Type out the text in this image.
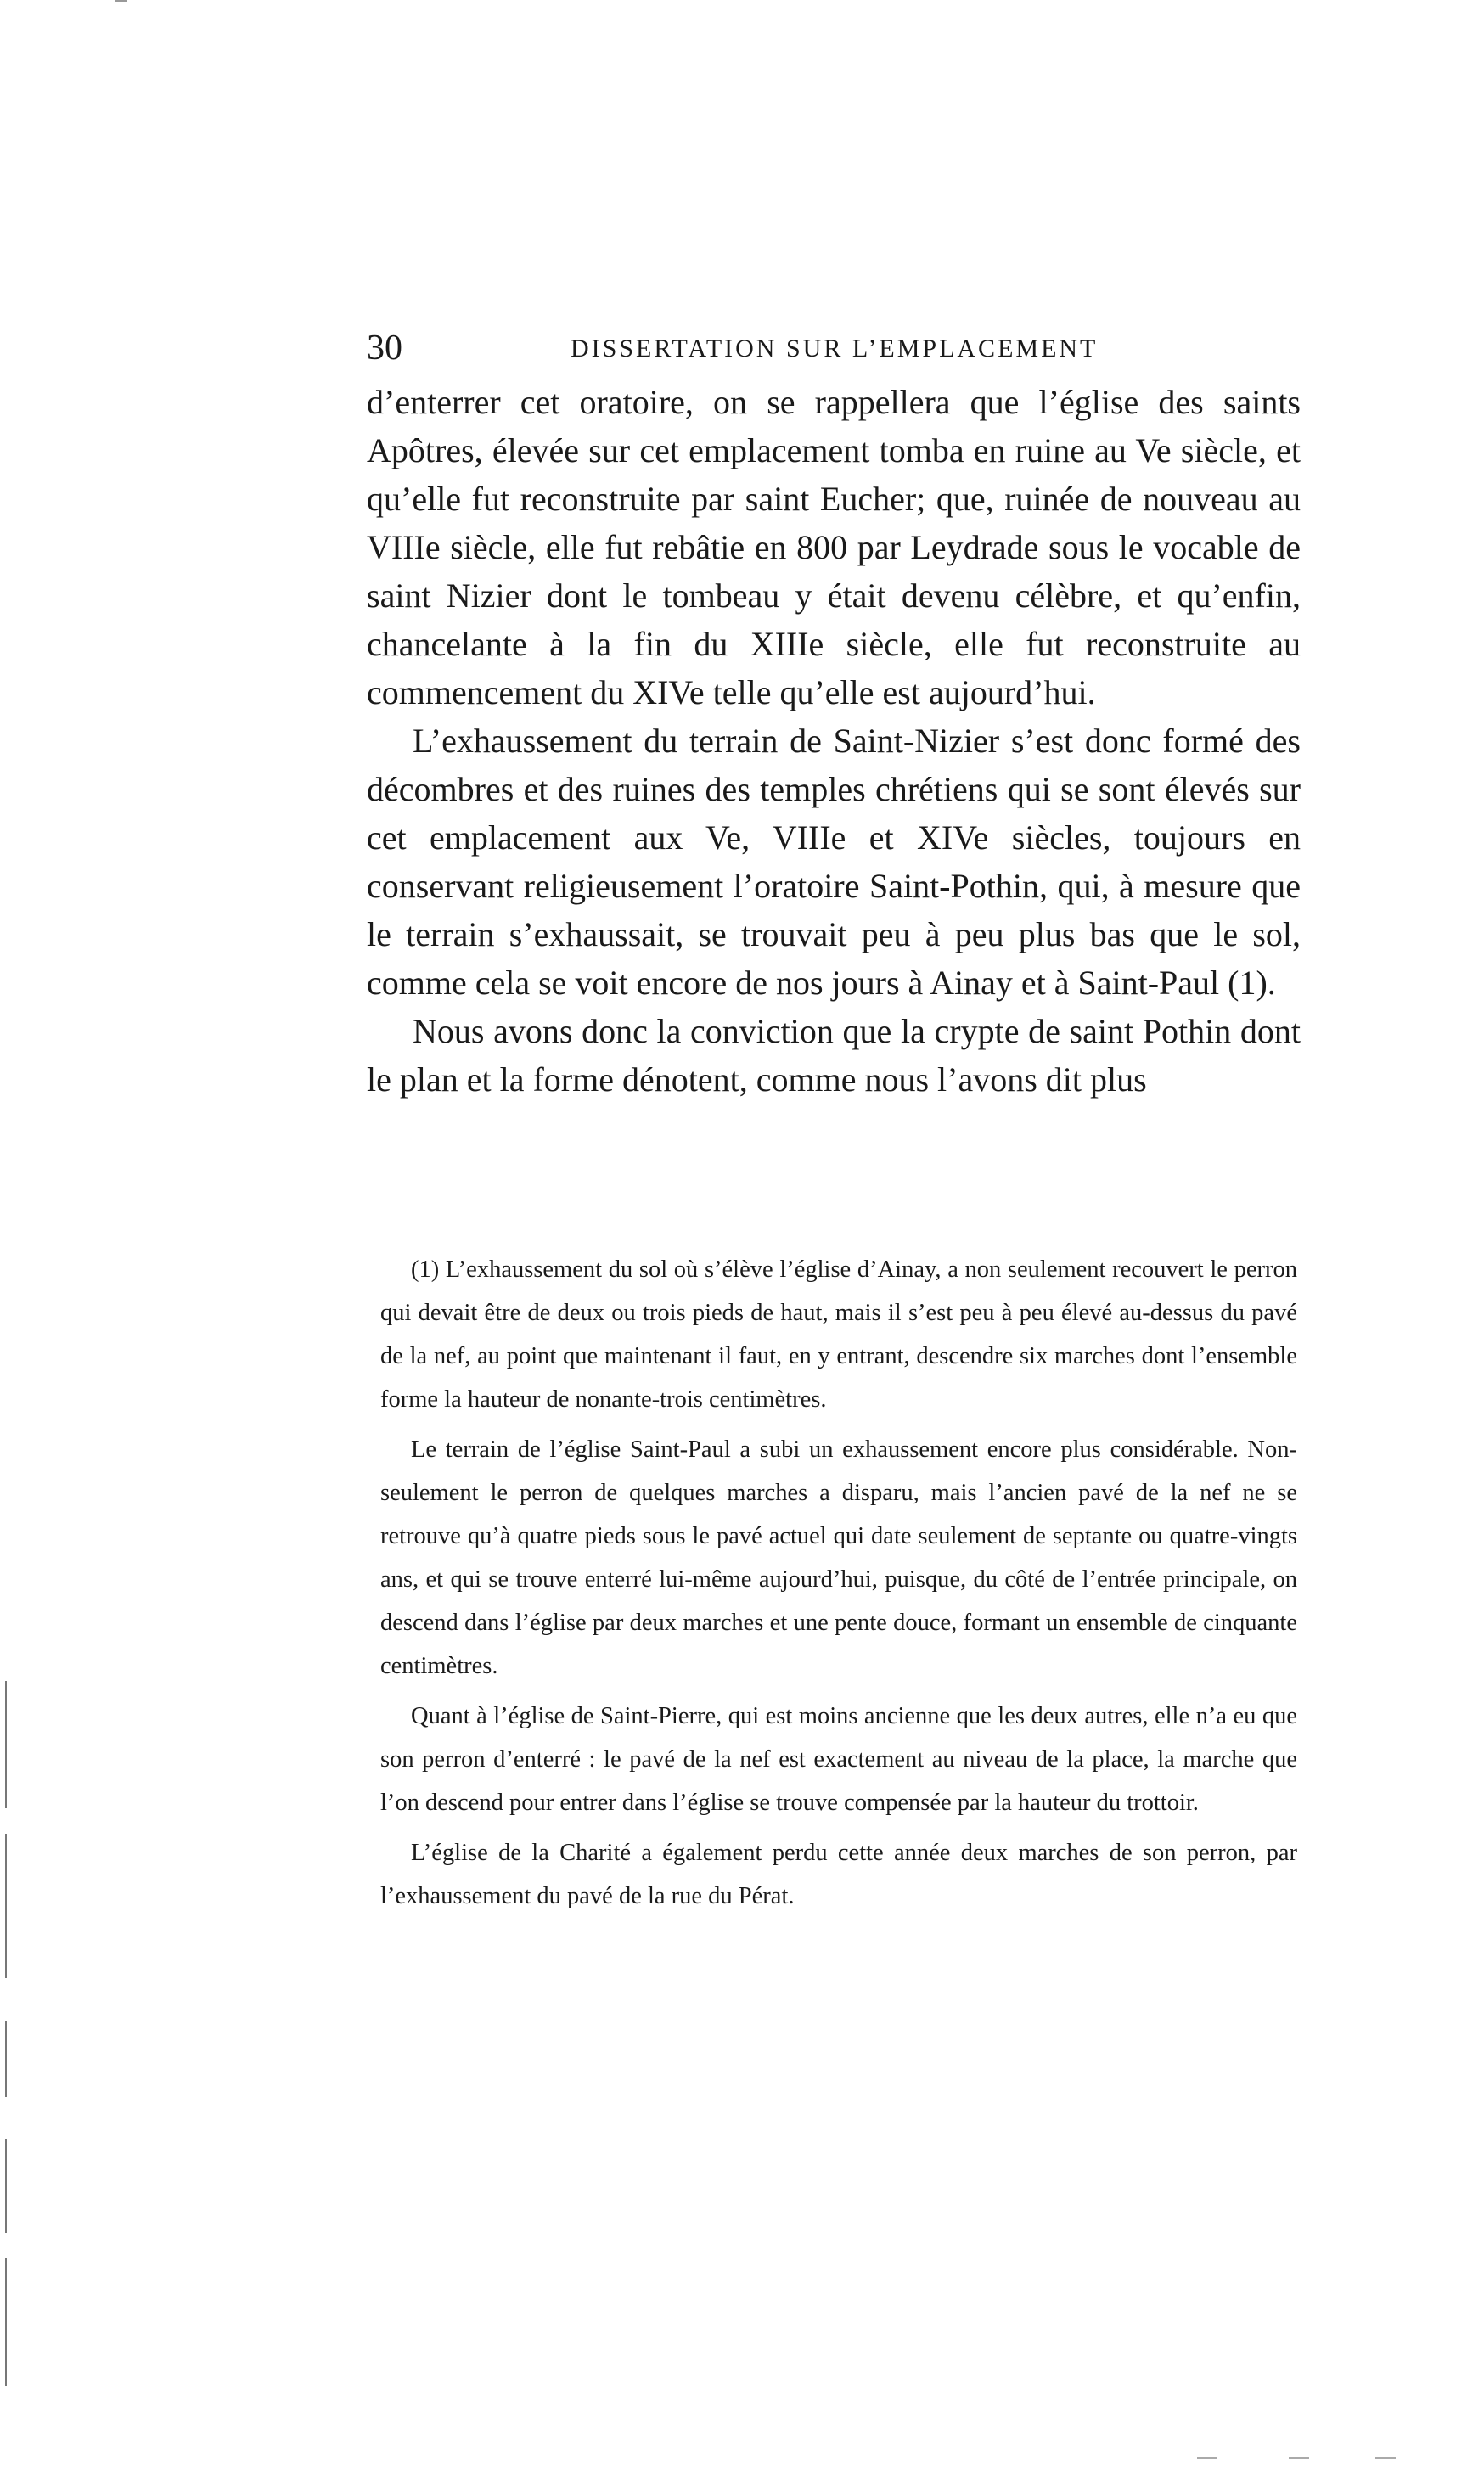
30	DISSERTATION SUR L’EMPLACEMENT

d’enterrer cet oratoire, on se rappellera que l’église des saints Apôtres, élevée sur cet emplacement tomba en ruine au Ve siècle, et qu’elle fut reconstruite par saint Eucher; que, ruinée de nouveau au VIIIe siècle, elle fut rebâtie en 800 par Leydrade sous le vocable de saint Nizier dont le tombeau y était devenu célèbre, et qu’enfin, chancelante à la fin du XIIIe siècle, elle fut reconstruite au commencement du XIVe telle qu’elle est aujourd’hui.

L’exhaussement du terrain de Saint-Nizier s’est donc formé des décombres et des ruines des temples chrétiens qui se sont élevés sur cet emplacement aux Ve, VIIIe et XIVe siècles, toujours en conservant religieusement l’oratoire Saint-Pothin, qui, à mesure que le terrain s’exhaussait, se trouvait peu à peu plus bas que le sol, comme cela se voit encore de nos jours à Ainay et à Saint-Paul (1).

Nous avons donc la conviction que la crypte de saint Pothin dont le plan et la forme dénotent, comme nous l’avons dit plus

(1) L’exhaussement du sol où s’élève l’église d’Ainay, a non seulement recouvert le perron qui devait être de deux ou trois pieds de haut, mais il s’est peu à peu élevé au-dessus du pavé de la nef, au point que maintenant il faut, en y entrant, descendre six marches dont l’ensemble forme la hauteur de nonante-trois centimètres.

Le terrain de l’église Saint-Paul a subi un exhaussement encore plus considérable. Non-seulement le perron de quelques marches a disparu, mais l’ancien pavé de la nef ne se retrouve qu’à quatre pieds sous le pavé actuel qui date seulement de septante ou quatre-vingts ans, et qui se trouve enterré lui-même aujourd’hui, puisque, du côté de l’entrée principale, on descend dans l’église par deux marches et une pente douce, formant un ensemble de cinquante centimètres.

Quant à l’église de Saint-Pierre, qui est moins ancienne que les deux autres, elle n’a eu que son perron d’enterré : le pavé de la nef est exactement au niveau de la place, la marche que l’on descend pour entrer dans l’église se trouve compensée par la hauteur du trottoir.

L’église de la Charité a également perdu cette année deux marches de son perron, par l’exhaussement du pavé de la rue du Pérat.
